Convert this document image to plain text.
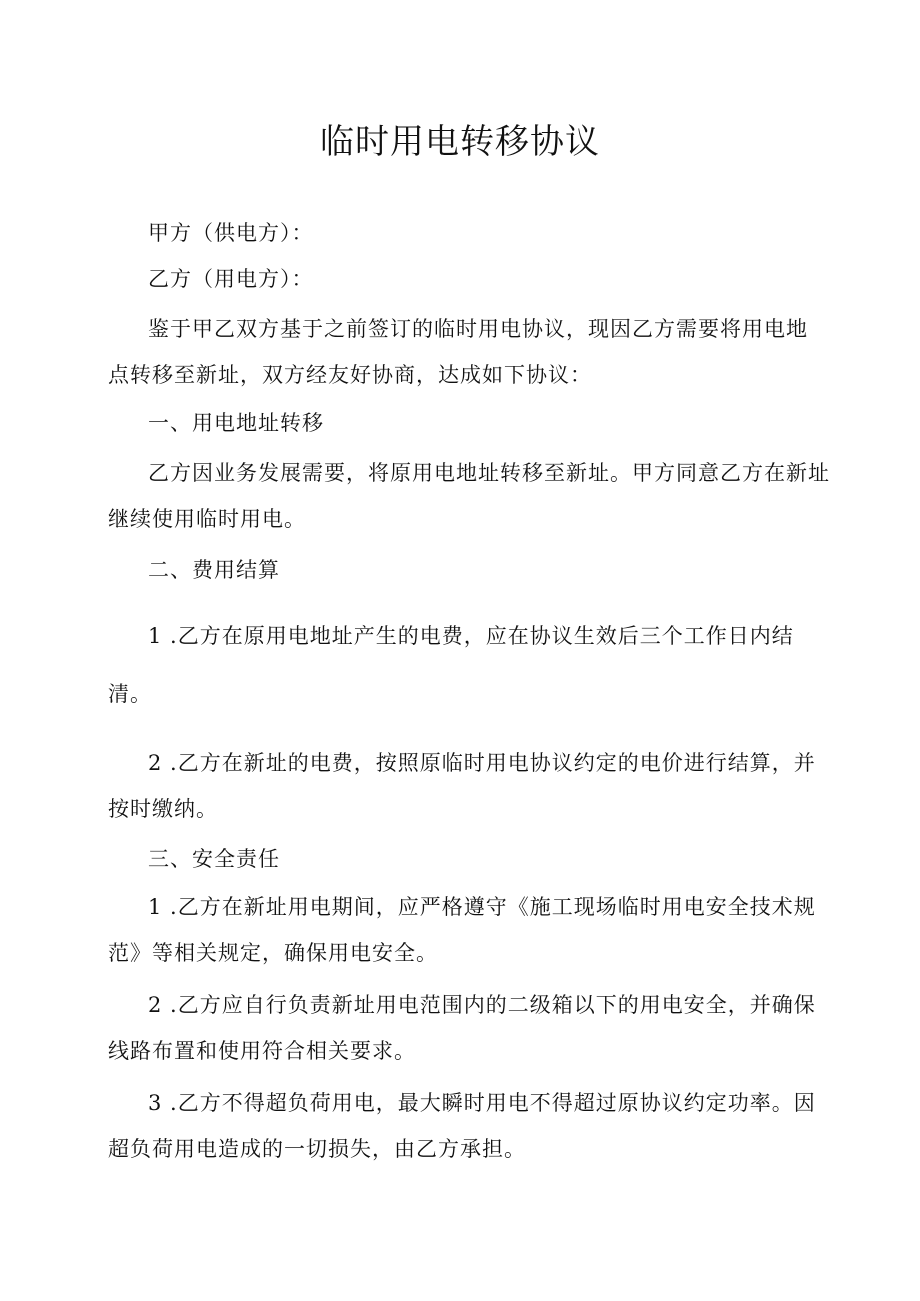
临时用电转移协议

甲方（供电方）：

乙方（用电方）：

鉴于甲乙双方基于之前签订的临时用电协议，现因乙方需要将用电地
点转移至新址，双方经友好协商，达成如下协议：

一、用电地址转移

乙方因业务发展需要，将原用电地址转移至新址。甲方同意乙方在新址
继续使用临时用电。

二、费用结算

1 .乙方在原用电地址产生的电费，应在协议生效后三个工作日内结
清。

2 .乙方在新址的电费，按照原临时用电协议约定的电价进行结算，并
按时缴纳。

三、安全责任

1 .乙方在新址用电期间，应严格遵守《施工现场临时用电安全技术规
范》等相关规定，确保用电安全。

2 .乙方应自行负责新址用电范围内的二级箱以下的用电安全，并确保
线路布置和使用符合相关要求。

3 .乙方不得超负荷用电，最大瞬时用电不得超过原协议约定功率。因
超负荷用电造成的一切损失，由乙方承担。
